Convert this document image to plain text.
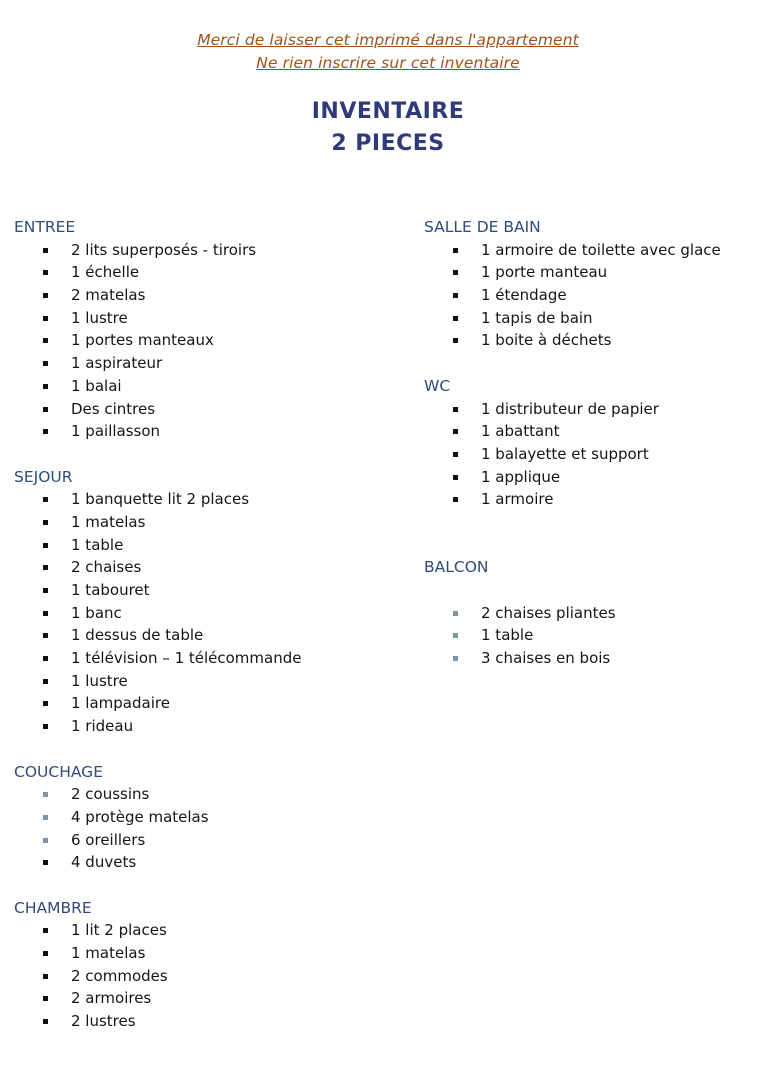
Merci de laisser cet imprimé dans l'appartement
Ne rien inscrire sur cet inventaire
INVENTAIRE
2 PIECES
ENTREE
2 lits superposés - tiroirs
1 échelle
2 matelas
1 lustre
1 portes manteaux
1 aspirateur
1 balai
Des cintres
1 paillasson
SEJOUR
1 banquette lit 2 places
1 matelas
1 table
2 chaises
1 tabouret
1 banc
1 dessus de table
1 télévision – 1 télécommande
1 lustre
1 lampadaire
1 rideau
COUCHAGE
2 coussins
4 protège matelas
6 oreillers
4 duvets
CHAMBRE
1 lit 2 places
1 matelas
2 commodes
2 armoires
2 lustres
SALLE DE BAIN
1 armoire de toilette avec glace
1 porte manteau
1 étendage
1 tapis de bain
1 boite à déchets
WC
1 distributeur de papier
1 abattant
1 balayette et support
1 applique
1 armoire
BALCON
2 chaises pliantes
1 table
3 chaises en bois
